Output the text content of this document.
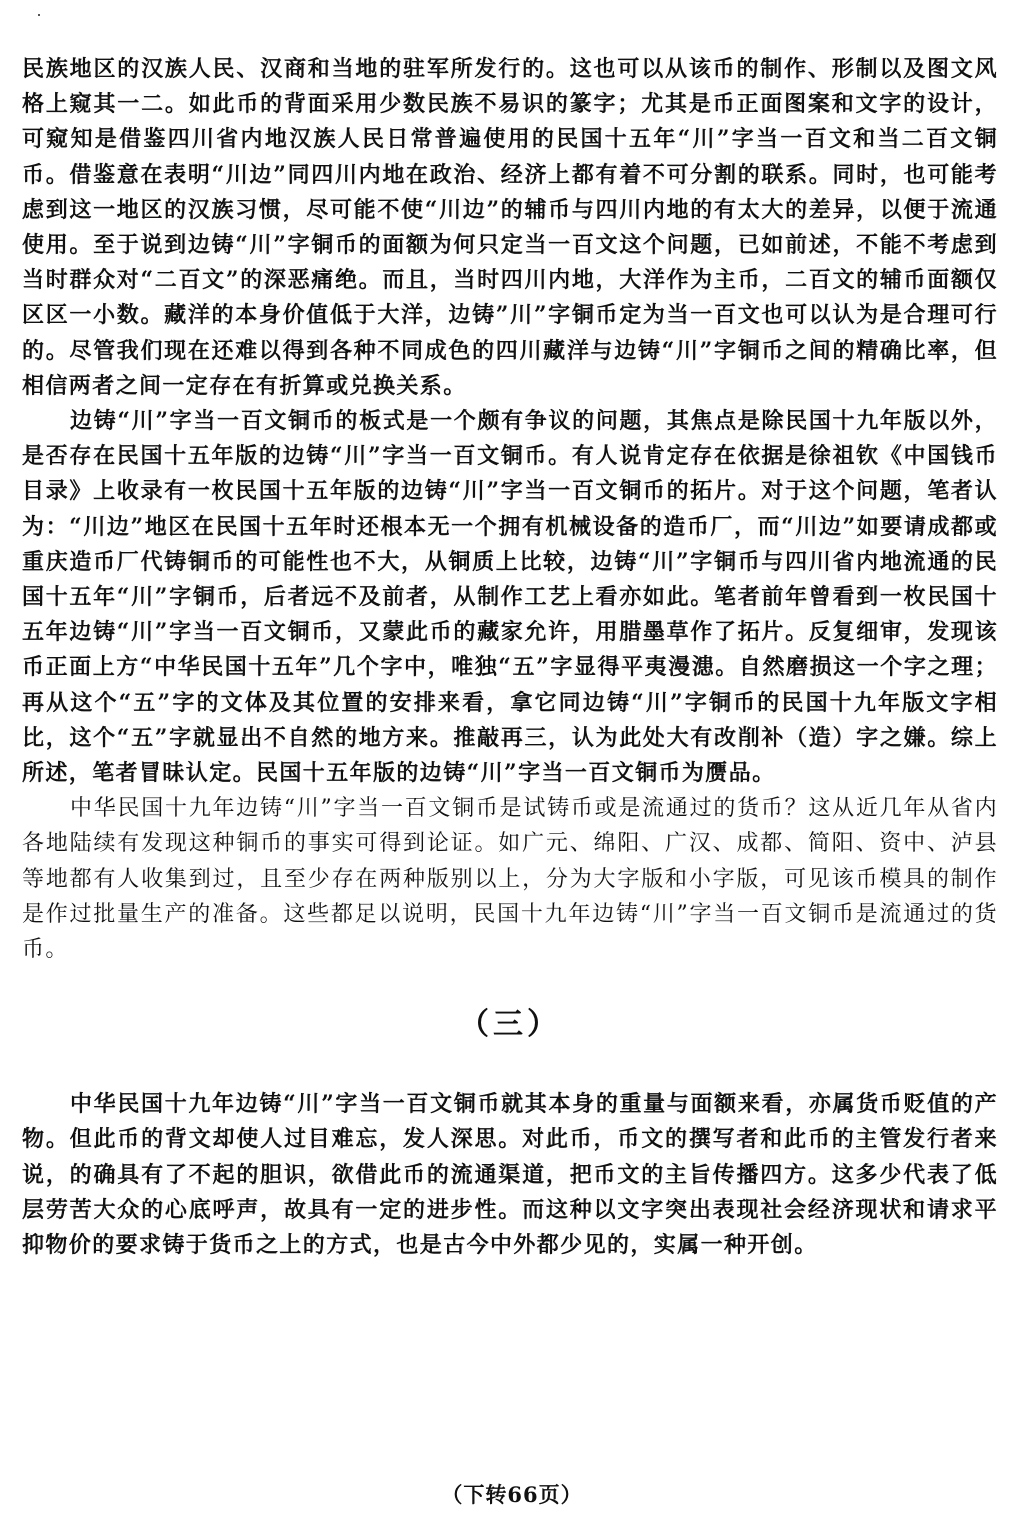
民族地区的汉族人民、汉商和当地的驻军所发行的。这也可以从该币的制作、形制以及图文风格上窥其一二。如此币的背面采用少数民族不易识的篆字；尤其是币正面图案和文字的设计，可窥知是借鉴四川省内地汉族人民日常普遍使用的民国十五年“川”字当一百文和当二百文铜币。借鉴意在表明“川边”同四川内地在政治、经济上都有着不可分割的联系。同时，也可能考虑到这一地区的汉族习惯，尽可能不使“川边”的辅币与四川内地的有太大的差异，以便于流通使用。至于说到边铸“川”字铜币的面额为何只定当一百文这个问题，已如前述，不能不考虑到当时群众对“二百文”的深恶痛绝。而且，当时四川内地，大洋作为主币，二百文的辅币面额仅区区一小数。藏洋的本身价值低于大洋，边铸”川”字铜币定为当一百文也可以认为是合理可行的。尽管我们现在还难以得到各种不同成色的四川藏洋与边铸“川”字铜币之间的精确比率，但相信两者之间一定存在有折算或兑换关系。

边铸“川”字当一百文铜币的板式是一个颇有争议的问题，其焦点是除民国十九年版以外，是否存在民国十五年版的边铸“川”字当一百文铜币。有人说肯定存在依据是徐祖钦《中国钱币目录》上收录有一枚民国十五年版的边铸“川”字当一百文铜币的拓片。对于这个问题，笔者认为：“川边”地区在民国十五年时还根本无一个拥有机械设备的造币厂，而“川边”如要请成都或重庆造币厂代铸铜币的可能性也不大，从铜质上比较，边铸“川”字铜币与四川省内地流通的民国十五年“川”字铜币，后者远不及前者，从制作工艺上看亦如此。笔者前年曾看到一枚民国十五年边铸“川”字当一百文铜币，又蒙此币的藏家允许，用腊墨草作了拓片。反复细审，发现该币正面上方“中华民国十五年”几个字中，唯独“五”字显得平夷漫漶。自然磨损这一个字之理；再从这个“五”字的文体及其位置的安排来看，拿它同边铸“川”字铜币的民国十九年版文字相比，这个“五”字就显出不自然的地方来。推敲再三，认为此处大有改削补（造）字之嫌。综上所述，笔者冒昧认定。民国十五年版的边铸“川”字当一百文铜币为赝品。

中华民国十九年边铸“川”字当一百文铜币是试铸币或是流通过的货币？这从近几年从省内各地陆续有发现这种铜币的事实可得到论证。如广元、绵阳、广汉、成都、简阳、资中、泸县等地都有人收集到过，且至少存在两种版别以上，分为大字版和小字版，可见该币模具的制作是作过批量生产的准备。这些都足以说明，民国十九年边铸“川”字当一百文铜币是流通过的货币。

（三）

中华民国十九年边铸“川”字当一百文铜币就其本身的重量与面额来看，亦属货币贬值的产物。但此币的背文却使人过目难忘，发人深思。对此币，币文的撰写者和此币的主管发行者来说，的确具有了不起的胆识，欲借此币的流通渠道，把币文的主旨传播四方。这多少代表了低层劳苦大众的心底呼声，故具有一定的进步性。而这种以文字突出表现社会经济现状和请求平抑物价的要求铸于货币之上的方式，也是古今中外都少见的，实属一种开创。

（下转66页）
